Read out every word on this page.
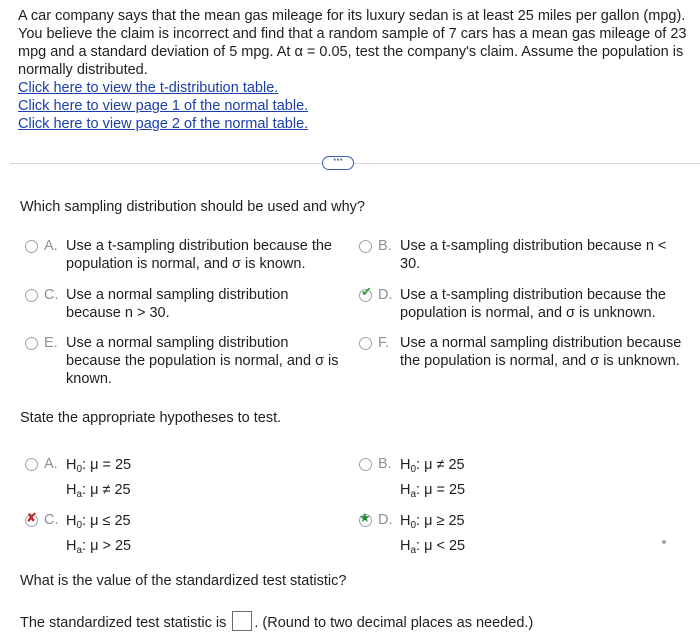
A car company says that the mean gas mileage for its luxury sedan is at least 25 miles per gallon (mpg). You believe the claim is incorrect and find that a random sample of 7 cars has a mean gas mileage of 23 mpg and a standard deviation of 5 mpg. At α = 0.05, test the company's claim. Assume the population is normally distributed.
Click here to view the t-distribution table.
Click here to view page 1 of the normal table.
Click here to view page 2 of the normal table.
⋯
Which sampling distribution should be used and why?
A. Use a t-sampling distribution because the population is normal, and σ is known.
B. Use a t-sampling distribution because n < 30.
C. Use a normal sampling distribution because n > 30.
✔ D. Use a t-sampling distribution because the population is normal, and σ is unknown.
E. Use a normal sampling distribution because the population is normal, and σ is known.
F. Use a normal sampling distribution because the population is normal, and σ is unknown.
State the appropriate hypotheses to test.
A. $H_0$: μ = 25
$H_a$: μ ≠ 25
B. $H_0$: μ ≠ 25
$H_a$: μ = 25
✘ C. $H_0$: μ ≤ 25
$H_a$: μ > 25
★ D. $H_0$: μ ≥ 25
$H_a$: μ < 25
What is the value of the standardized test statistic?
The standardized test statistic is . (Round to two decimal places as needed.)
